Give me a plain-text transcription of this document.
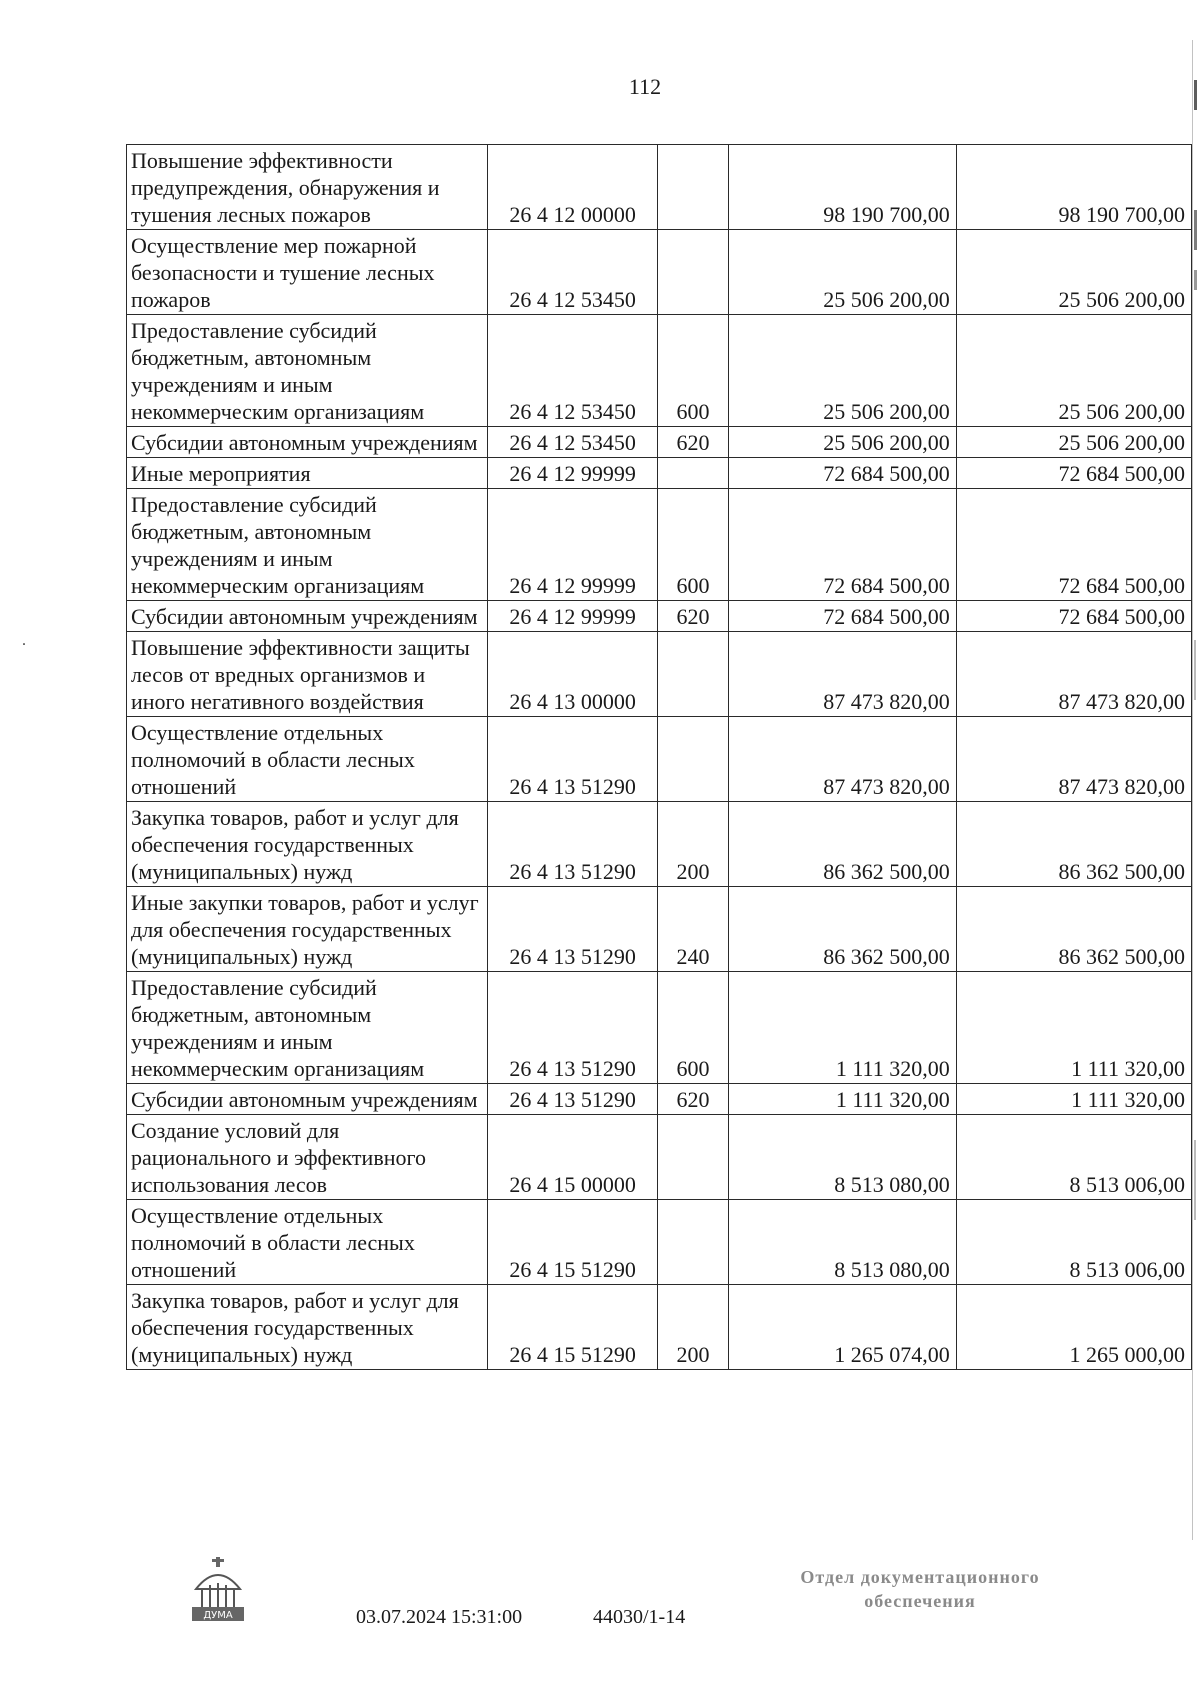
112
Повышение эффективности предупреждения, обнаружения и тушения лесных пожаров	26 4 12 00000		98 190 700,00	98 190 700,00
Осуществление мер пожарной безопасности и тушение лесных пожаров	26 4 12 53450		25 506 200,00	25 506 200,00
Предоставление субсидий бюджетным, автономным учреждениям и иным некоммерческим организациям	26 4 12 53450	600	25 506 200,00	25 506 200,00
Субсидии автономным учреждениям	26 4 12 53450	620	25 506 200,00	25 506 200,00
Иные мероприятия	26 4 12 99999		72 684 500,00	72 684 500,00
Предоставление субсидий бюджетным, автономным учреждениям и иным некоммерческим организациям	26 4 12 99999	600	72 684 500,00	72 684 500,00
Субсидии автономным учреждениям	26 4 12 99999	620	72 684 500,00	72 684 500,00
Повышение эффективности защиты лесов от вредных организмов и иного негативного воздействия	26 4 13 00000		87 473 820,00	87 473 820,00
Осуществление отдельных полномочий в области лесных отношений	26 4 13 51290		87 473 820,00	87 473 820,00
Закупка товаров, работ и услуг для обеспечения государственных (муниципальных) нужд	26 4 13 51290	200	86 362 500,00	86 362 500,00
Иные закупки товаров, работ и услуг для обеспечения государственных (муниципальных) нужд	26 4 13 51290	240	86 362 500,00	86 362 500,00
Предоставление субсидий бюджетным, автономным учреждениям и иным некоммерческим организациям	26 4 13 51290	600	1 111 320,00	1 111 320,00
Субсидии автономным учреждениям	26 4 13 51290	620	1 111 320,00	1 111 320,00
Создание условий для рационального и эффективного использования лесов	26 4 15 00000		8 513 080,00	8 513 006,00
Осуществление отдельных полномочий в области лесных отношений	26 4 15 51290		8 513 080,00	8 513 006,00
Закупка товаров, работ и услуг для обеспечения государственных (муниципальных) нужд	26 4 15 51290	200	1 265 074,00	1 265 000,00
.
ДУМА	03.07.2024 15:31:00	44030/1-14
Отдел документационного
обеспечения
